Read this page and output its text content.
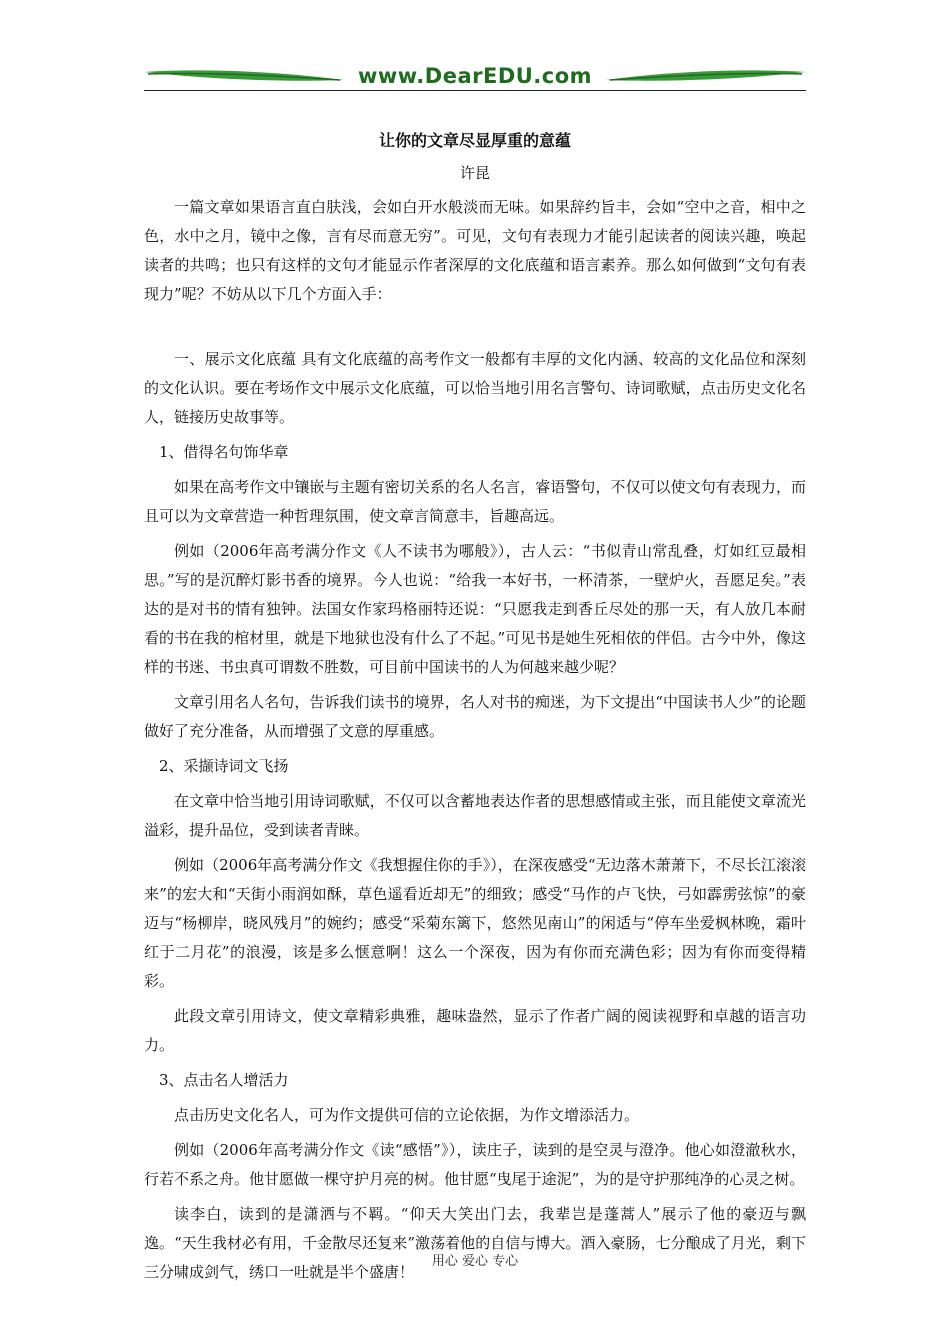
www.DearEDU.com
让你的文章尽显厚重的意蕴
许昆

一篇文章如果语言直白肤浅，会如白开水般淡而无味。如果辞约旨丰，会如“空中之音，相中之色，水中之月，镜中之像，言有尽而意无穷”。可见，文句有表现力才能引起读者的阅读兴趣，唤起读者的共鸣；也只有这样的文句才能显示作者深厚的文化底蕴和语言素养。那么如何做到“文句有表现力”呢？不妨从以下几个方面入手：

一、展示文化底蕴 具有文化底蕴的高考作文一般都有丰厚的文化内涵、较高的文化品位和深刻的文化认识。要在考场作文中展示文化底蕴，可以恰当地引用名言警句、诗词歌赋，点击历史文化名人，链接历史故事等。

1、借得名句饰华章

如果在高考作文中镶嵌与主题有密切关系的名人名言，睿语警句，不仅可以使文句有表现力，而且可以为文章营造一种哲理氛围，使文章言简意丰，旨趣高远。

例如（2006年高考满分作文《人不读书为哪般》），古人云：“书似青山常乱叠，灯如红豆最相思。”写的是沉醉灯影书香的境界。今人也说：“给我一本好书，一杯清茶，一壁炉火，吾愿足矣。”表达的是对书的情有独钟。法国女作家玛格丽特还说：“只愿我走到香丘尽处的那一天，有人放几本耐看的书在我的棺材里，就是下地狱也没有什么了不起。”可见书是她生死相依的伴侣。古今中外，像这样的书迷、书虫真可谓数不胜数，可目前中国读书的人为何越来越少呢？

文章引用名人名句，告诉我们读书的境界，名人对书的痴迷，为下文提出“中国读书人少”的论题做好了充分准备，从而增强了文意的厚重感。

2、采撷诗词文飞扬

在文章中恰当地引用诗词歌赋，不仅可以含蓄地表达作者的思想感情或主张，而且能使文章流光溢彩，提升品位，受到读者青睐。

例如（2006年高考满分作文《我想握住你的手》），在深夜感受“无边落木萧萧下，不尽长江滚滚来”的宏大和“天街小雨润如酥，草色遥看近却无”的细致；感受“马作的卢飞快，弓如霹雳弦惊”的豪迈与“杨柳岸，晓风残月”的婉约；感受“采菊东篱下，悠然见南山”的闲适与“停车坐爱枫林晚，霜叶红于二月花”的浪漫，该是多么惬意啊！这么一个深夜，因为有你而充满色彩；因为有你而变得精彩。

此段文章引用诗文，使文章精彩典雅，趣味盎然，显示了作者广阔的阅读视野和卓越的语言功力。

3、点击名人增活力

点击历史文化名人，可为作文提供可信的立论依据，为作文增添活力。

例如（2006年高考满分作文《读“感悟”》），读庄子，读到的是空灵与澄净。他心如澄澈秋水，行若不系之舟。他甘愿做一棵守护月亮的树。他甘愿“曳尾于途泥”，为的是守护那纯净的心灵之树。

读李白，读到的是潇洒与不羁。“仰天大笑出门去，我辈岂是蓬蒿人”展示了他的豪迈与飘逸。“天生我材必有用，千金散尽还复来”激荡着他的自信与博大。酒入豪肠，七分酿成了月光，剩下三分啸成剑气，绣口一吐就是半个盛唐！

用心 爱心 专心
